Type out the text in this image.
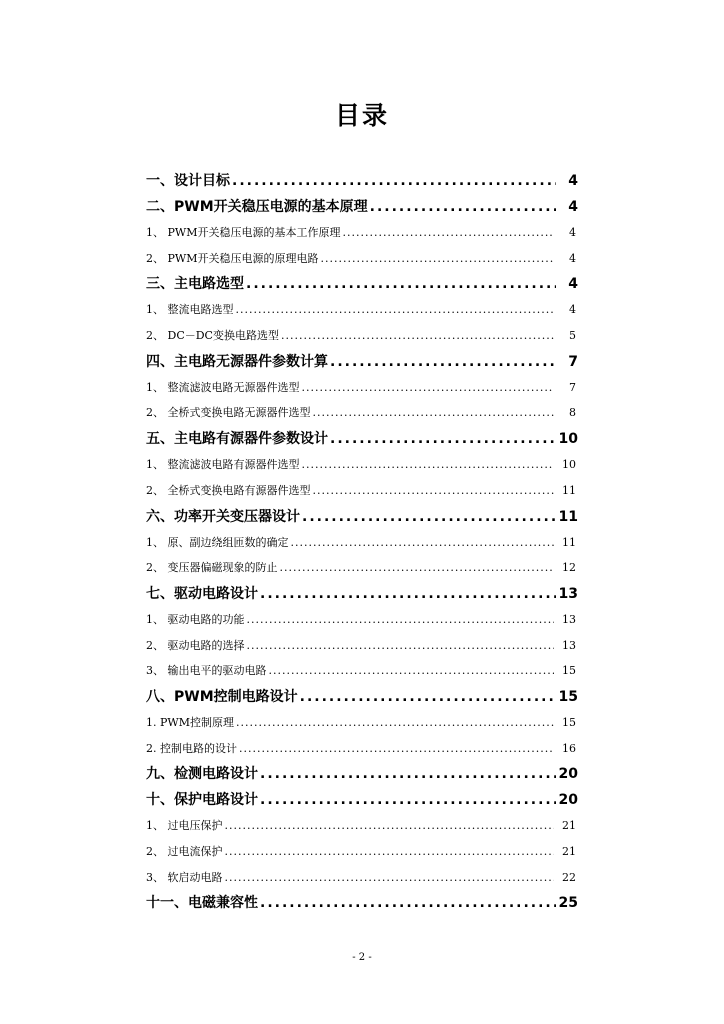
目录
一、设计目标 .....	4
二、PWM开关稳压电源的基本原理 .....	4
1、 PWM开关稳压电源的基本工作原理 .....	4
2、 PWM开关稳压电源的原理电路 .....	4
三、主电路选型 .....	4
1、 整流电路选型 .....	4
2、 DC－DC变换电路选型 .....	5
四、主电路无源器件参数计算 .....	7
1、 整流滤波电路无源器件选型 .....	7
2、 全桥式变换电路无源器件选型 .....	8
五、主电路有源器件参数设计 .....	10
1、 整流滤波电路有源器件选型 .....	10
2、 全桥式变换电路有源器件选型 .....	11
六、功率开关变压器设计 .....	11
1、 原、副边绕组匝数的确定 .....	11
2、 变压器偏磁现象的防止 .....	12
七、驱动电路设计 .....	13
1、 驱动电路的功能 .....	13
2、 驱动电路的选择 .....	13
3、 输出电平的驱动电路 .....	15
八、PWM控制电路设计 .....	15
1. PWM控制原理 .....	15
2. 控制电路的设计 .....	16
九、检测电路设计 .....	20
十、保护电路设计 .....	20
1、 过电压保护 .....	21
2、 过电流保护 .....	21
3、 软启动电路 .....	22
十一、电磁兼容性 .....	25
- 2 -
